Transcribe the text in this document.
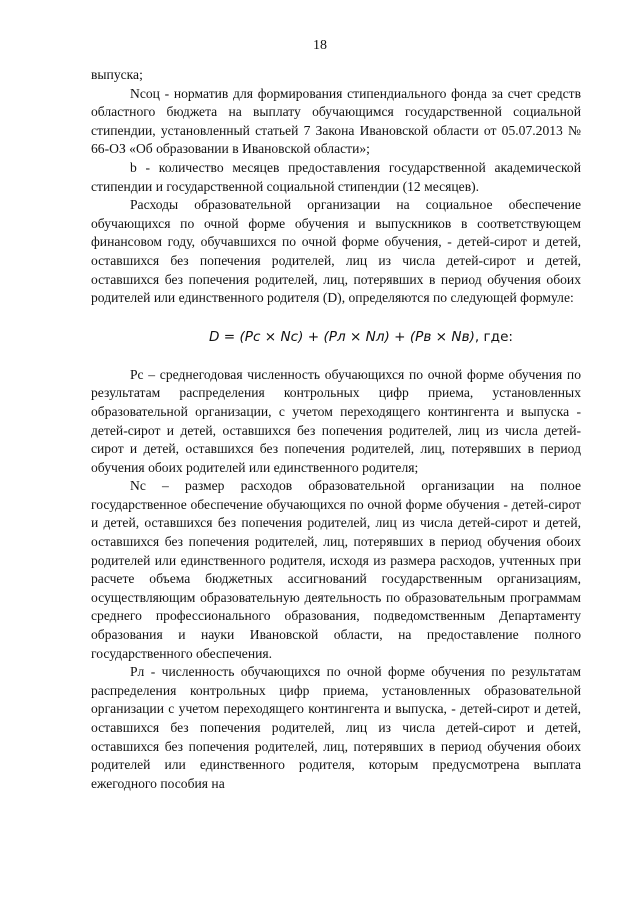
18

выпуска;

Nсоц - норматив для формирования стипендиального фонда за счет средств областного бюджета на выплату обучающимся государственной социальной стипендии, установленный статьей 7 Закона Ивановской области от 05.07.2013 № 66-ОЗ «Об образовании в Ивановской области»;

b - количество месяцев предоставления государственной академической стипендии и государственной социальной стипендии (12 месяцев).

Расходы образовательной организации на социальное обеспечение обучающихся по очной форме обучения и выпускников в соответствующем финансовом году, обучавшихся по очной форме обучения, - детей-сирот и детей, оставшихся без попечения родителей, лиц из числа детей-сирот и детей, оставшихся без попечения родителей, лиц, потерявших в период обучения обоих родителей или единственного родителя (D), определяются по следующей формуле:

D = (Pc × Nc) + (Pл × Nл) + (Pв × Nв), где:

Рс – среднегодовая численность обучающихся по очной форме обучения по результатам распределения контрольных цифр приема, установленных образовательной организации, с учетом переходящего контингента и выпуска - детей-сирот и детей, оставшихся без попечения родителей, лиц из числа детей-сирот и детей, оставшихся без попечения родителей, лиц, потерявших в период обучения обоих родителей или единственного родителя;

Nс – размер расходов образовательной организации на полное государственное обеспечение обучающихся по очной форме обучения - детей-сирот и детей, оставшихся без попечения родителей, лиц из числа детей-сирот и детей, оставшихся без попечения родителей, лиц, потерявших в период обучения обоих родителей или единственного родителя, исходя из размера расходов, учтенных при расчете объема бюджетных ассигнований государственным организациям, осуществляющим образовательную деятельность по образовательным программам среднего профессионального образования, подведомственным Департаменту образования и науки Ивановской области, на предоставление полного государственного обеспечения.

Рл - численность обучающихся по очной форме обучения по результатам распределения контрольных цифр приема, установленных образовательной организации с учетом переходящего контингента и выпуска, - детей-сирот и детей, оставшихся без попечения родителей, лиц из числа детей-сирот и детей, оставшихся без попечения родителей, лиц, потерявших в период обучения обоих родителей или единственного родителя, которым предусмотрена выплата ежегодного пособия на
